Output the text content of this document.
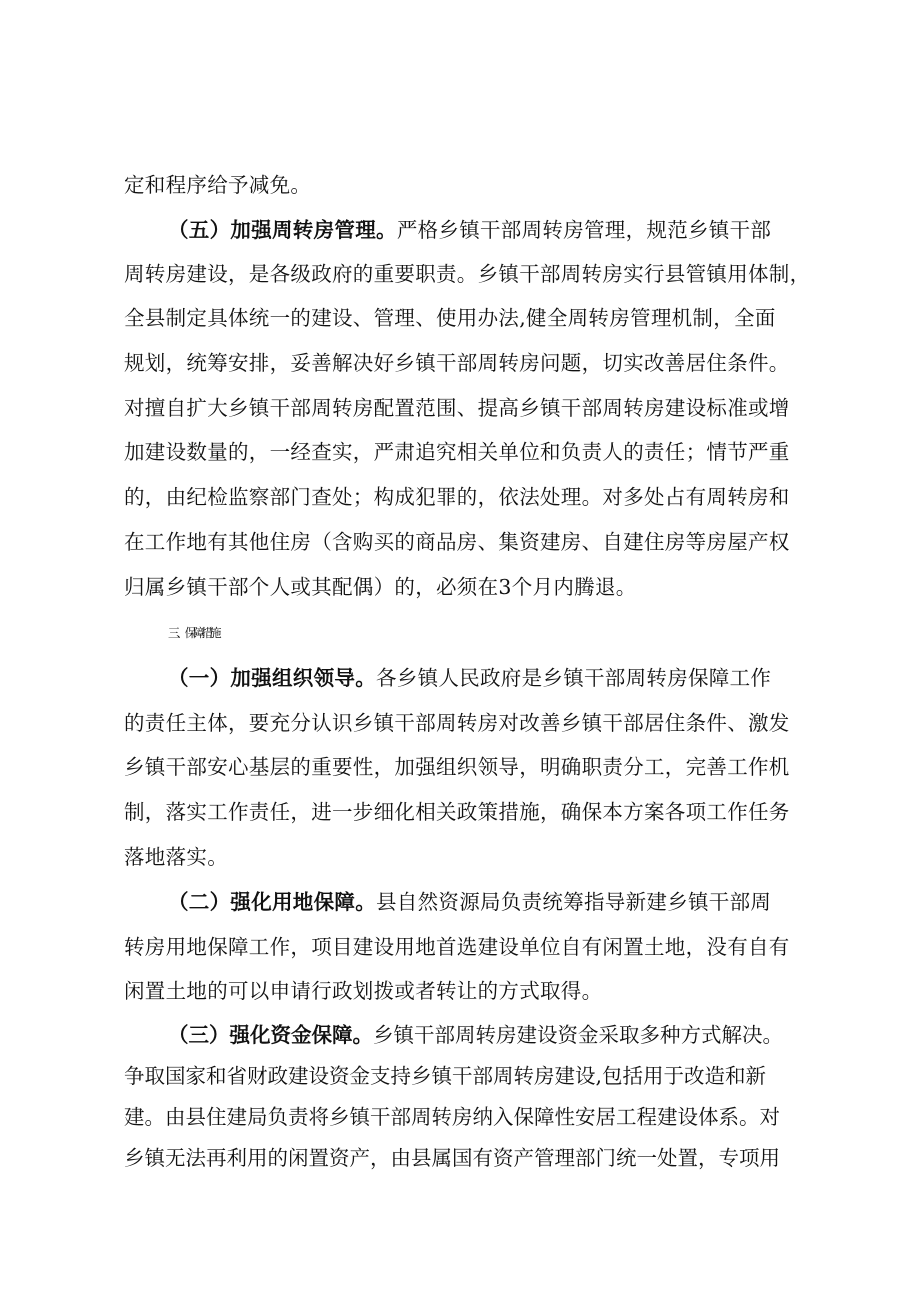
定和程序给予减免。
（五）加强周转房管理。严格乡镇干部周转房管理，规范乡镇干部
周转房建设，是各级政府的重要职责。乡镇干部周转房实行县管镇用体制，
全县制定具体统一的建设、管理、使用办法,健全周转房管理机制，全面
规划，统筹安排，妥善解决好乡镇干部周转房问题，切实改善居住条件。
对擅自扩大乡镇干部周转房配置范围、提高乡镇干部周转房建设标准或增
加建设数量的，一经查实，严肃追究相关单位和负责人的责任；情节严重
的，由纪检监察部门查处；构成犯罪的，依法处理。对多处占有周转房和
在工作地有其他住房（含购买的商品房、集资建房、自建住房等房屋产权
归属乡镇干部个人或其配偶）的，必须在3个月内腾退。
三、保障措施
（一）加强组织领导。各乡镇人民政府是乡镇干部周转房保障工作
的责任主体，要充分认识乡镇干部周转房对改善乡镇干部居住条件、激发
乡镇干部安心基层的重要性，加强组织领导，明确职责分工，完善工作机
制，落实工作责任，进一步细化相关政策措施，确保本方案各项工作任务
落地落实。
（二）强化用地保障。县自然资源局负责统筹指导新建乡镇干部周
转房用地保障工作，项目建设用地首选建设单位自有闲置土地，没有自有
闲置土地的可以申请行政划拨或者转让的方式取得。
（三）强化资金保障。乡镇干部周转房建设资金采取多种方式解决。
争取国家和省财政建设资金支持乡镇干部周转房建设,包括用于改造和新
建。由县住建局负责将乡镇干部周转房纳入保障性安居工程建设体系。对
乡镇无法再利用的闲置资产，由县属国有资产管理部门统一处置，专项用
